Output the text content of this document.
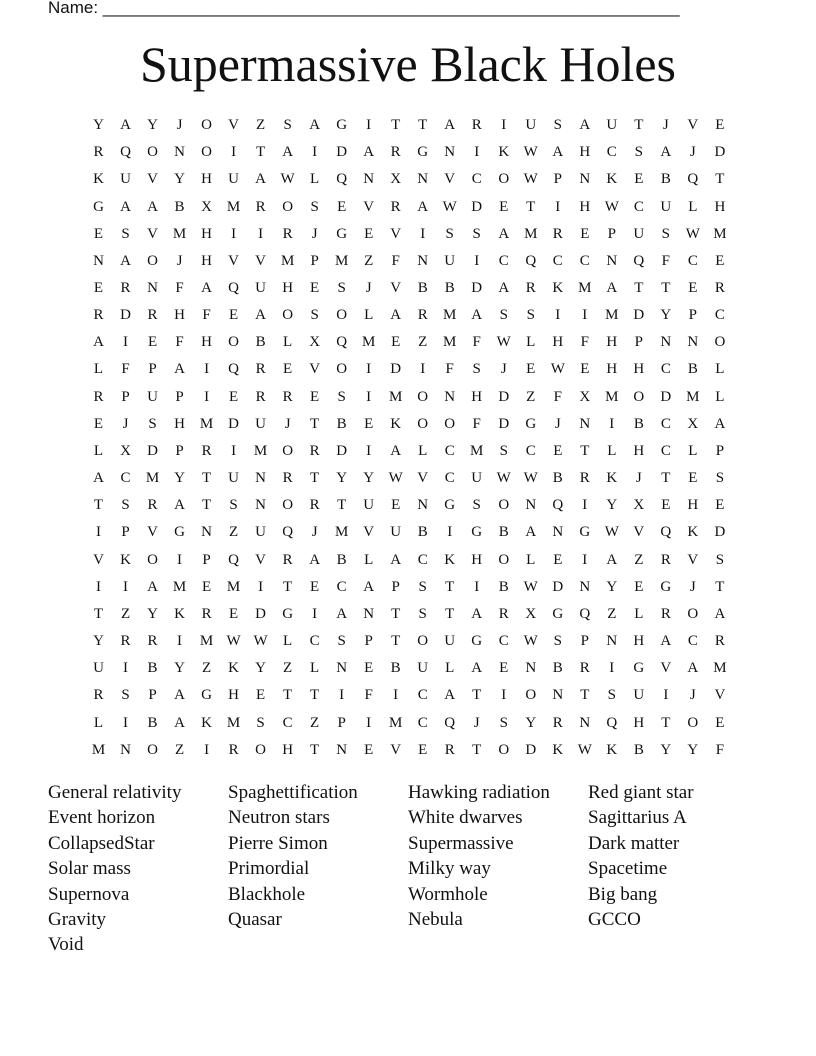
Name: _____________________________________________________________
Supermassive Black Holes
Y	A	Y	J	O	V	Z	S	A	G	I	T	T	A	R	I	U	S	A	U	T	J	V	E
R	Q	O	N	O	I	T	A	I	D	A	R	G	N	I	K W A	H	C	S	A	J	D
K	U	V	Y	H	U	A W	L	Q	N	X	N	V	C	O W	P	N	K	E	B	Q	T
G	A	A	B	X M	R	O	S	E	V	R	A W D	E	T	I	H W C	U	L	H
E	S	V M H	I	I	R	J	G	E	V	I	S	S	A M	R	E	P	U	S	W M
N	A	O	J	H	V	V M	P	M	Z	F	N	U	I	C	Q	C	C	N	Q	F	C	E
E	R	N	F	A	Q	U	H	E	S	J	V	B	B	D	A	R	K M A	T	T	E	R
R	D	R	H	F	E	A	O	S	O	L	A	R	M A	S	S	I	I	M D	Y	P	C
A	I	E	F	H	O	B	L	X	Q M	E	Z	M	F	W	L	H	F	H	P	N	N	O
L	F	P	A	I	Q	R	E	V	O	I	D	I	F	S	J	E	W	E	H	H	C	B	L
R	P	U	P	I	E	R	R	E	S	I	M O	N	H	D	Z	F	X M O	D M	L
E	J	S	H M D	U	J	T	B	E	K	O	O	F	D	G	J	N	I	B	C	X	A
L	X	D	P	R	I	M O	R	D	I	A	L	C	M	S	C	E	T	L	H	C	L	P
A	C	M Y	T	U	N	R	T	Y	Y W V	C	U W W B	R	K	J	T	E	S
T	S	R	A	T	S	N	O	R	T	U	E	N	G	S	O	N	Q	I	Y	X	E	H	E
I	P	V	G	N	Z	U	Q	J	M V	U	B	I	G	B	A	N	G W V	Q	K	D
V	K	O	I	P	Q	V	R	A	B	L	A	C	K	H	O	L	E	I	A	Z	R	V	S
I	I	A M	E	M	I	T	E	C	A	P	S	T	I	B W D	N	Y	E	G	J	T
T	Z	Y	K	R	E	D	G	I	A	N	T	S	T	A	R	X	G	Q	Z	L	R	O	A
Y	R	R	I	M W W	L	C	S	P	T	O	U	G	C W	S	P	N	H	A	C	R
U	I	B	Y	Z	K	Y	Z	L	N	E	B	U	L	A	E	N	B	R	I	G	V	A M
R	S	P	A	G	H	E	T	T	I	F	I	C	A	T	I	O	N	T	S	U	I	J	V
L	I	B	A	K M	S	C	Z	P	I	M	C	Q	J	S	Y	R	N	Q	H	T	O	E
M N	O	Z	I	R	O	H	T	N	E	V	E	R	T	O	D	K W K	B	Y	Y	F
General relativity	Spaghettification	Hawking radiation	Red giant star
Event horizon	Neutron stars	White dwarves	Sagittarius A
CollapsedStar	Pierre Simon	Supermassive	Dark matter
Solar mass	Primordial	Milky way	Spacetime
Supernova	Blackhole	Wormhole	Big bang
Gravity	Quasar	Nebula	GCCO
Void
